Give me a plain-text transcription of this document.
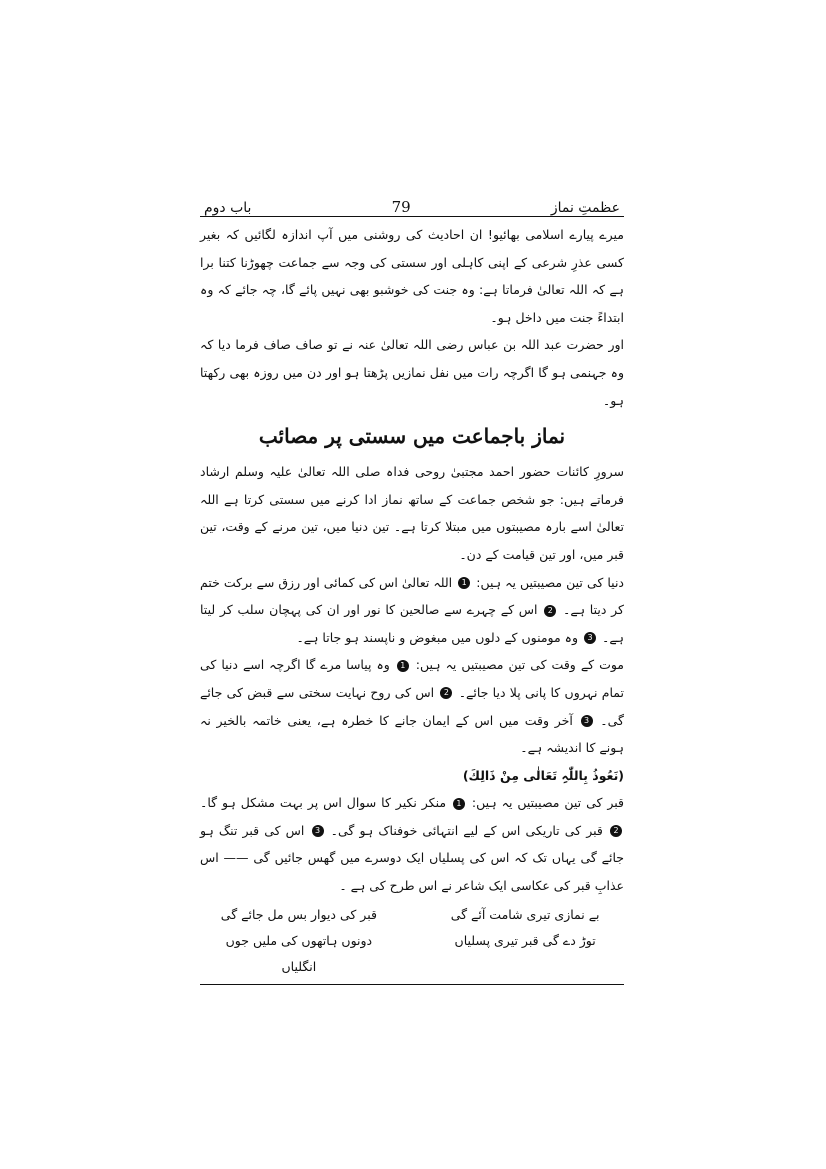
عظمتِ نماز
79
باب دوم

میرے پیارے اسلامی بھائیو! ان احادیث کی روشنی میں آپ اندازہ لگائیں کہ بغیر کسی عذرِ شرعی کے اپنی کاہلی اور سستی کی وجہ سے جماعت چھوڑنا کتنا برا ہے کہ اللہ تعالیٰ فرماتا ہے: وہ جنت کی خوشبو بھی نہیں پائے گا، چہ جائے کہ وہ ابتداءً جنت میں داخل ہو۔

اور حضرت عبد اللہ بن عباس رضی اللہ تعالیٰ عنہ نے تو صاف صاف فرما دیا کہ وہ جہنمی ہو گا اگرچہ رات میں نفل نمازیں پڑھتا ہو اور دن میں روزہ بھی رکھتا ہو۔

نماز باجماعت میں سستی پر مصائب

سرورِ کائنات حضور احمد مجتبیٰ روحی فداہ صلی اللہ تعالیٰ علیہ وسلم ارشاد فرماتے ہیں: جو شخص جماعت کے ساتھ نماز ادا کرنے میں سستی کرتا ہے اللہ تعالیٰ اسے بارہ مصیبتوں میں مبتلا کرتا ہے۔ تین دنیا میں، تین مرنے کے وقت، تین قبر میں، اور تین قیامت کے دن۔

دنیا کی تین مصیبتیں یہ ہیں: 1 اللہ تعالیٰ اس کی کمائی اور رزق سے برکت ختم کر دیتا ہے۔ 2 اس کے چہرے سے صالحین کا نور اور ان کی پہچان سلب کر لیتا ہے۔ 3 وہ مومنوں کے دلوں میں مبغوض و ناپسند ہو جاتا ہے۔

موت کے وقت کی تین مصیبتیں یہ ہیں: 1 وہ پیاسا مرے گا اگرچہ اسے دنیا کی تمام نہروں کا پانی پلا دیا جائے۔ 2 اس کی روح نہایت سختی سے قبض کی جائے گی۔ 3 آخر وقت میں اس کے ایمان جانے کا خطرہ ہے، یعنی خاتمہ بالخیر نہ ہونے کا اندیشہ ہے۔
(نَعُوذُ بِاللّٰہِ تَعَالٰی مِنْ ذَالِكَ)

قبر کی تین مصیبتیں یہ ہیں: 1 منکر نکیر کا سوال اس پر بہت مشکل ہو گا۔ 2 قبر کی تاریکی اس کے لیے انتہائی خوفناک ہو گی۔ 3 اس کی قبر تنگ ہو جائے گی یہاں تک کہ اس کی پسلیاں ایک دوسرے میں گھس جائیں گی —— اس عذابِ قبر کی عکاسی ایک شاعر نے اس طرح کی ہے ۔

بے نمازی تیری شامت آئے گی
قبر کی دیوار بس مل جائے گی
توڑ دے گی قبر تیری پسلیاں
دونوں ہاتھوں کی ملیں جوں انگلیاں
